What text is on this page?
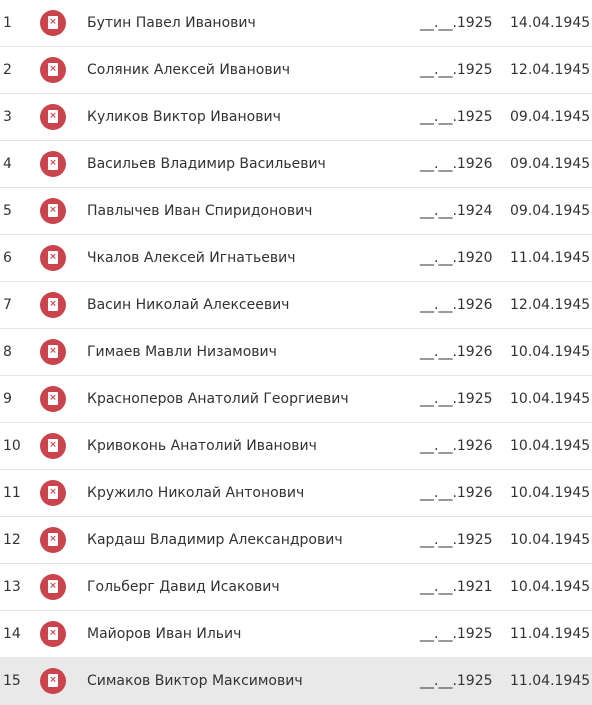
1	× Бутин Павел Иванович	__.__.1925 14.04.1945
2	× Соляник Алексей Иванович	__.__.1925 12.04.1945
3	× Куликов Виктор Иванович	__.__.1925 09.04.1945
4	× Васильев Владимир Васильевич	__.__.1926 09.04.1945
5	× Павлычев Иван Спиридонович	__.__.1924 09.04.1945
6	× Чкалов Алексей Игнатьевич	__.__.1920 11.04.1945
7	× Васин Николай Алексеевич	__.__.1926 12.04.1945
8	× Гимаев Мавли Низамович	__.__.1926 10.04.1945
9	× Красноперов Анатолий Георгиевич	__.__.1925 10.04.1945
10	× Кривоконь Анатолий Иванович	__.__.1926 10.04.1945
11	× Кружило Николай Антонович	__.__.1926 10.04.1945
12	× Кардаш Владимир Александрович	__.__.1925 10.04.1945
13	× Гольберг Давид Исакович	__.__.1921 10.04.1945
14	× Майоров Иван Ильич	__.__.1925 11.04.1945
15	× Симаков Виктор Максимович	__.__.1925 11.04.1945
